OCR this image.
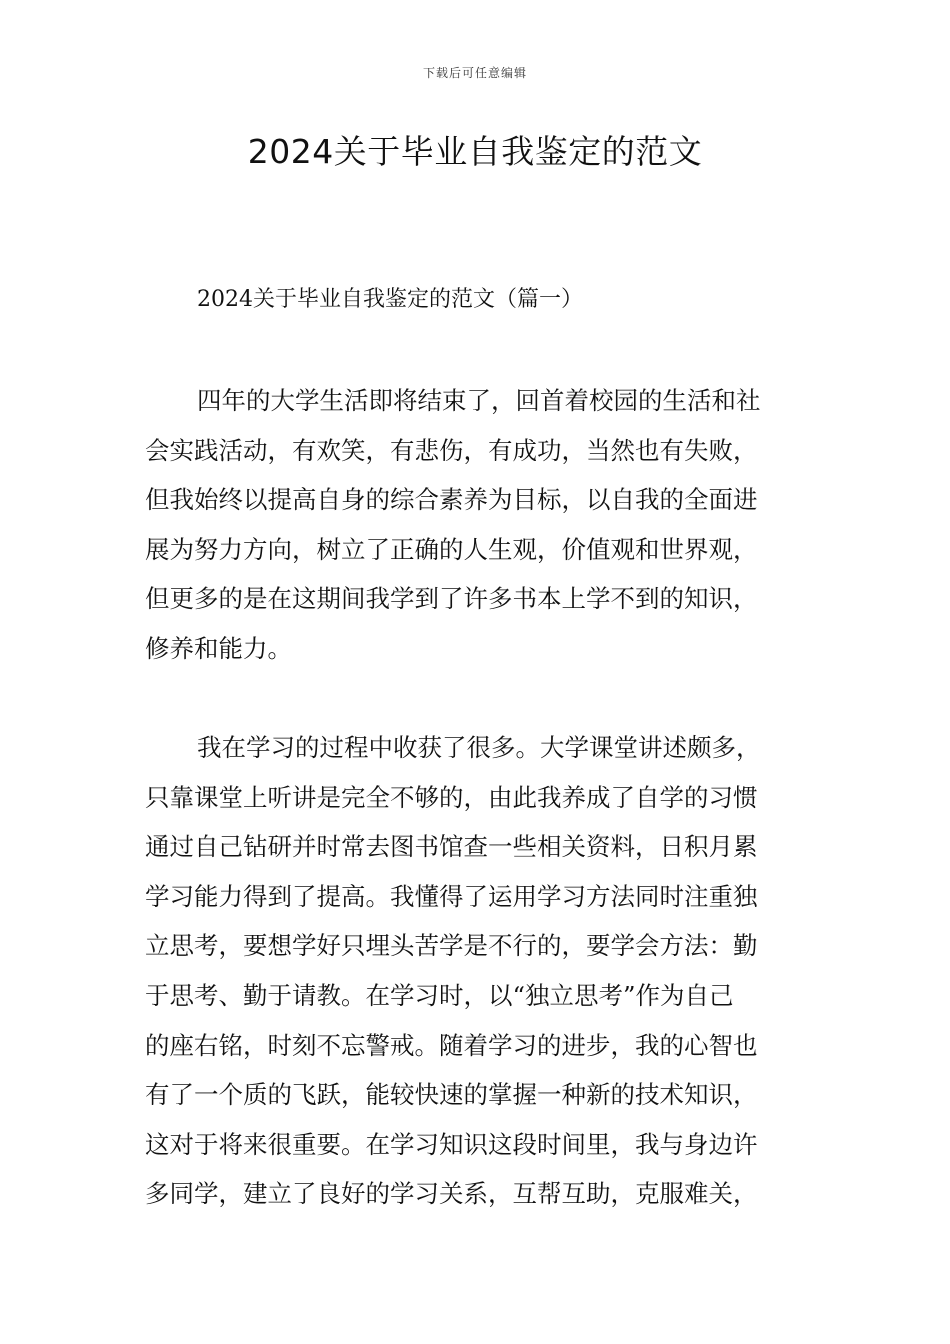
下载后可任意编辑
2024关于毕业自我鉴定的范文
2024关于毕业自我鉴定的范文（篇一）
四年的大学生活即将结束了，回首着校园的生活和社
会实践活动，有欢笑，有悲伤，有成功，当然也有失败，
但我始终以提高自身的综合素养为目标，以自我的全面进
展为努力方向，树立了正确的人生观，价值观和世界观，
但更多的是在这期间我学到了许多书本上学不到的知识，
修养和能力。
我在学习的过程中收获了很多。大学课堂讲述颇多，
只靠课堂上听讲是完全不够的，由此我养成了自学的习惯
通过自己钻研并时常去图书馆查一些相关资料，日积月累
学习能力得到了提高。我懂得了运用学习方法同时注重独
立思考，要想学好只埋头苦学是不行的，要学会方法：勤
于思考、勤于请教。在学习时，以“独立思考”作为自己
的座右铭，时刻不忘警戒。随着学习的进步，我的心智也
有了一个质的飞跃，能较快速的掌握一种新的技术知识，
这对于将来很重要。在学习知识这段时间里，我与身边许
多同学，建立了良好的学习关系，互帮互助，克服难关，
